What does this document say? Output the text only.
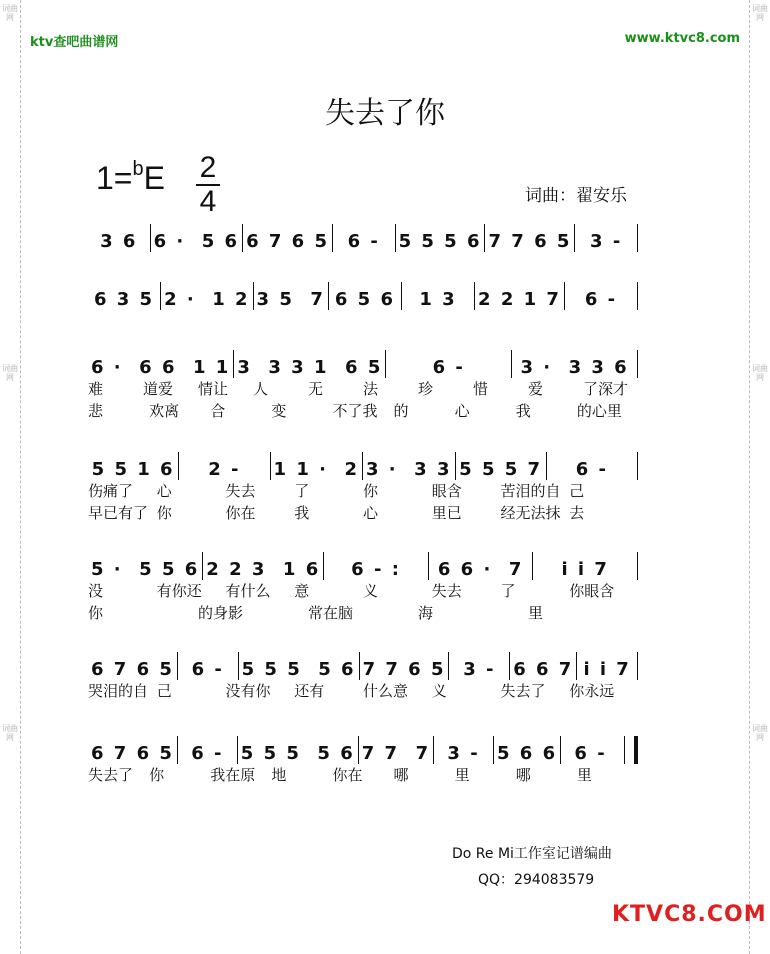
词曲网
词曲网
词曲网
词曲网
词曲网
词曲网
ktv查吧曲谱网	www.ktvc8.com
失去了你
1=$^b$E 2
4	词曲：翟安乐
3 6 6 ·  5 6 6 7 6 5 6 - 5 5 5 6 7 7 6 5 3 -
6 3 5 2 ·  1 2 3 5  7 6 5 6 1 3 2 2 1 7 6 -
6 ·  6 6  1 1 3  3 3 1  6 5	6 -	3 ·  3 3 6
难	道爱	情让	人	无	法	珍	惜	爱	了深才
悲	欢离	合	变	不了我	的	心	我	的心里
5 5 1 6 2 - 1 1 ·  2 3 ·  3 3 5 5 5 7 6 -
伤痛了	心	失去	了	你	眼含	苦泪的自 己
早已有了 你	你在	我	心	里已	经无法抹 去
5 ·  5 5 6 2 2 3  1 6 6 - : 6 6 ·  7 i i 7
没	有你还	有什么	意	义	失去	了	你眼含
你	的身影	常在脑	海	里
6 7 6 5 6 - 5 5 5  5 6 7 7 6 5 3 - 6 6 7 i i 7
哭泪的自 己	没有你	还有	什么意	义	失去了	你永远
6 7 6 5 6 - 5 5 5  5 6 7 7  7 3 - 5 6 6 6 -
失去了	你	我在原	地	你在	哪	里	哪	里
Do Re Mi工作室记谱编曲
QQ：294083579
KTVC8.COM
